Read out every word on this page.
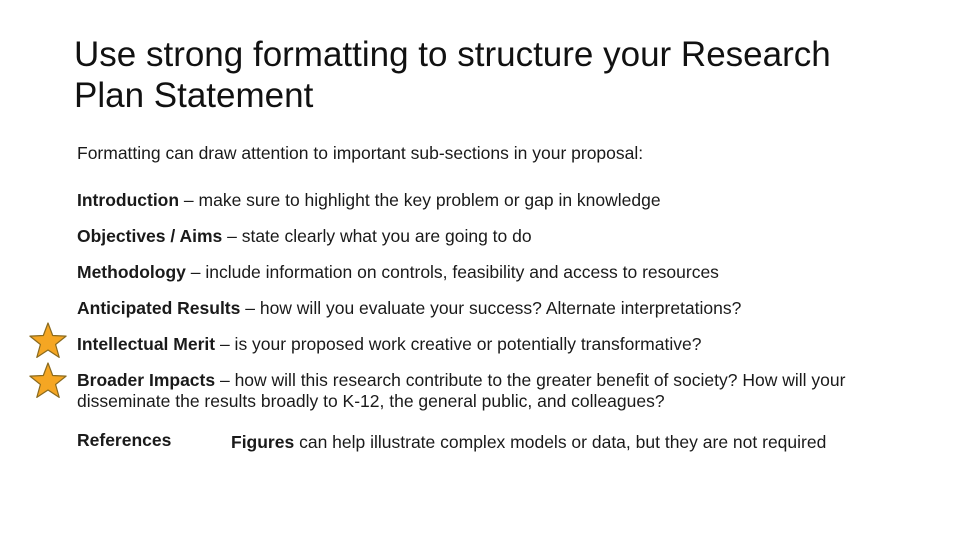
Use strong formatting to structure your Research Plan Statement
Formatting can draw attention to important sub-sections in your proposal:
Introduction – make sure to highlight the key problem or gap in knowledge
Objectives / Aims – state clearly what you are going to do
Methodology – include information on controls, feasibility and access to resources
Anticipated Results – how will you evaluate your success? Alternate interpretations?
Intellectual Merit – is your proposed work creative or potentially transformative?
Broader Impacts – how will this research contribute to the greater benefit of society? How will your disseminate the results broadly to K-12, the general public, and colleagues?
References	Figures can help illustrate complex models or data, but they are not required
